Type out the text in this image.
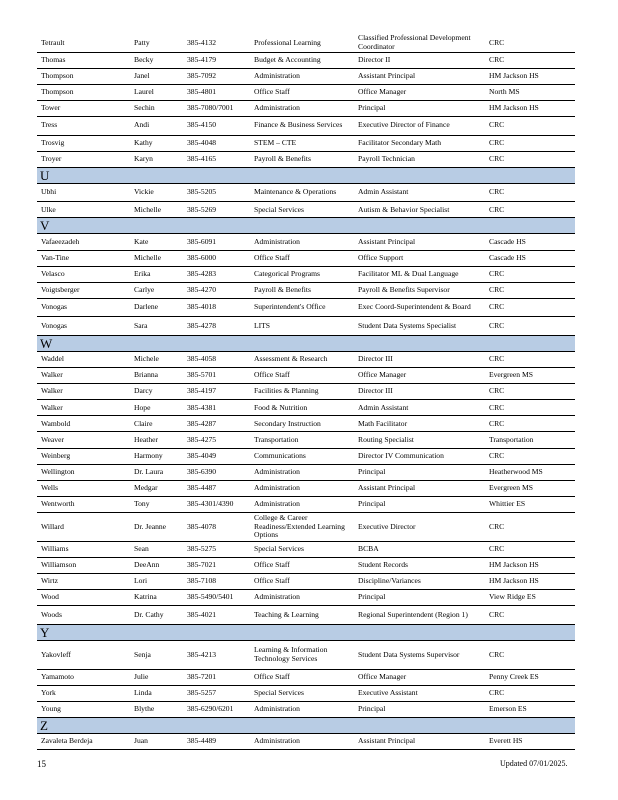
Tetrault	Patty	385-4132	Professional Learning	Classified Professional Development Coordinator	CRC
Thomas	Becky	385-4179	Budget & Accounting	Director II	CRC
Thompson	Janel	385-7092	Administration	Assistant Principal	HM Jackson HS
Thompson	Laurel	385-4801	Office Staff	Office Manager	North MS
Tower	Sechin	385-7080/7001	Administration	Principal	HM Jackson HS
Tress	Andi	385-4150	Finance & Business Services	Executive Director of Finance	CRC
Trosvig	Kathy	385-4048	STEM – CTE	Facilitator Secondary Math	CRC
Troyer	Karyn	385-4165	Payroll & Benefits	Payroll Technician	CRC
U					
Ubhi	Vickie	385-5205	Maintenance & Operations	Admin Assistant	CRC
Ulke	Michelle	385-5269	Special Services	Autism & Behavior Specialist	CRC
V					
Vafaeezadeh	Kate	385-6091	Administration	Assistant Principal	Cascade HS
Van-Tine	Michelle	385-6000	Office Staff	Office Support	Cascade HS
Velasco	Erika	385-4283	Categorical Programs	Facilitator ML & Dual Language	CRC
Voigtsberger	Carlye	385-4270	Payroll & Benefits	Payroll & Benefits Supervisor	CRC
Vonogas	Darlene	385-4018	Superintendent's Office	Exec Coord-Superintendent & Board	CRC
Vonogas	Sara	385-4278	LITS	Student Data Systems Specialist	CRC
W					
Waddel	Michele	385-4058	Assessment & Research	Director III	CRC
Walker	Brianna	385-5701	Office Staff	Office Manager	Evergreen MS
Walker	Darcy	385-4197	Facilities & Planning	Director III	CRC
Walker	Hope	385-4381	Food & Nutrition	Admin Assistant	CRC
Wambold	Claire	385-4287	Secondary Instruction	Math Facilitator	CRC
Weaver	Heather	385-4275	Transportation	Routing Specialist	Transportation
Weinberg	Harmony	385-4049	Communications	Director IV Communication	CRC
Wellington	Dr. Laura	385-6390	Administration	Principal	Heatherwood MS
Wells	Medgar	385-4487	Administration	Assistant Principal	Evergreen MS
Wentworth	Tony	385-4301/4390	Administration	Principal	Whittier ES
Willard	Dr. Jeanne	385-4078	College & Career Readiness/Extended Learning Options	Executive Director	CRC
Williams	Sean	385-5275	Special Services	BCBA	CRC
Williamson	DeeAnn	385-7021	Office Staff	Student Records	HM Jackson HS
Wirtz	Lori	385-7108	Office Staff	Discipline/Variances	HM Jackson HS
Wood	Katrina	385-5490/5401	Administration	Principal	View Ridge ES
Woods	Dr. Cathy	385-4021	Teaching & Learning	Regional Superintendent (Region 1)	CRC
Y					
Yakovleff	Senja	385-4213	Learning & Information Technology Services	Student Data Systems Supervisor	CRC
Yamamoto	Julie	385-7201	Office Staff	Office Manager	Penny Creek ES
York	Linda	385-5257	Special Services	Executive Assistant	CRC
Young	Blythe	385-6290/6201	Administration	Principal	Emerson ES
Z					
Zavaleta Berdeja	Juan	385-4489	Administration	Assistant Principal	Everett HS
15	Updated 07/01/2025.
